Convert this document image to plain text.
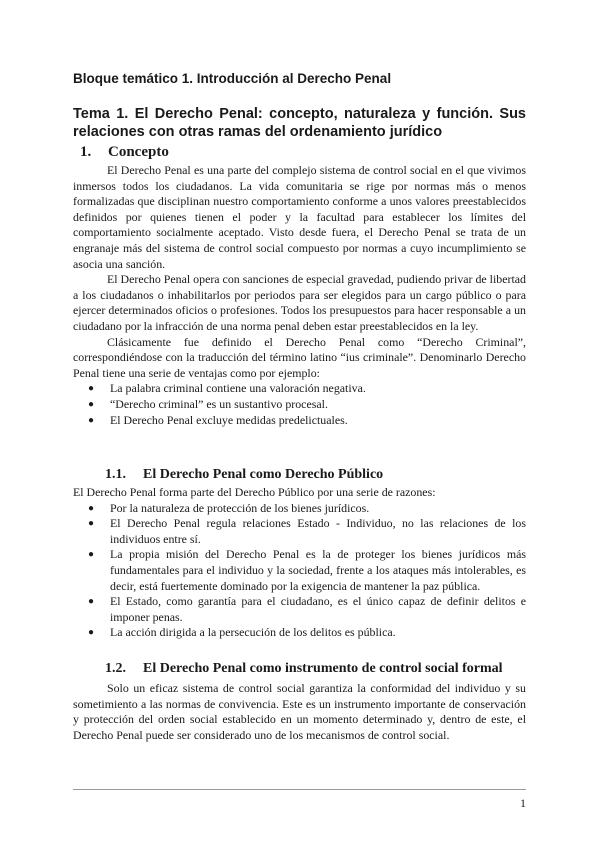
Bloque temático 1. Introducción al Derecho Penal
Tema 1. El Derecho Penal: concepto, naturaleza y función. Sus relaciones con otras ramas del ordenamiento jurídico
1. Concepto

El Derecho Penal es una parte del complejo sistema de control social en el que vivimos inmersos todos los ciudadanos. La vida comunitaria se rige por normas más o menos formalizadas que disciplinan nuestro comportamiento conforme a unos valores preestablecidos definidos por quienes tienen el poder y la facultad para establecer los límites del comportamiento socialmente aceptado. Visto desde fuera, el Derecho Penal se trata de un engranaje más del sistema de control social compuesto por normas a cuyo incumplimiento se asocia una sanción.

El Derecho Penal opera con sanciones de especial gravedad, pudiendo privar de libertad a los ciudadanos o inhabilitarlos por periodos para ser elegidos para un cargo público o para ejercer determinados oficios o profesiones. Todos los presupuestos para hacer responsable a un ciudadano por la infracción de una norma penal deben estar preestablecidos en la ley.

Clásicamente fue definido el Derecho Penal como “Derecho Criminal”, correspondiéndose con la traducción del término latino “ius criminale”. Denominarlo Derecho Penal tiene una serie de ventajas como por ejemplo:

● La palabra criminal contiene una valoración negativa.
● “Derecho criminal” es un sustantivo procesal.
● El Derecho Penal excluye medidas predelictuales.
1.1. El Derecho Penal como Derecho Público
El Derecho Penal forma parte del Derecho Público por una serie de razones:
● Por la naturaleza de protección de los bienes jurídicos.
● El Derecho Penal regula relaciones Estado - Individuo, no las relaciones de los individuos entre sí.
● La propia misión del Derecho Penal es la de proteger los bienes jurídicos más fundamentales para el individuo y la sociedad, frente a los ataques más intolerables, es decir, está fuertemente dominado por la exigencia de mantener la paz pública.
● El Estado, como garantía para el ciudadano, es el único capaz de definir delitos e imponer penas.
● La acción dirigida a la persecución de los delitos es pública.
1.2. El Derecho Penal como instrumento de control social formal

Solo un eficaz sistema de control social garantiza la conformidad del individuo y su sometimiento a las normas de convivencia. Este es un instrumento importante de conservación y protección del orden social establecido en un momento determinado y, dentro de este, el Derecho Penal puede ser considerado uno de los mecanismos de control social.

1
